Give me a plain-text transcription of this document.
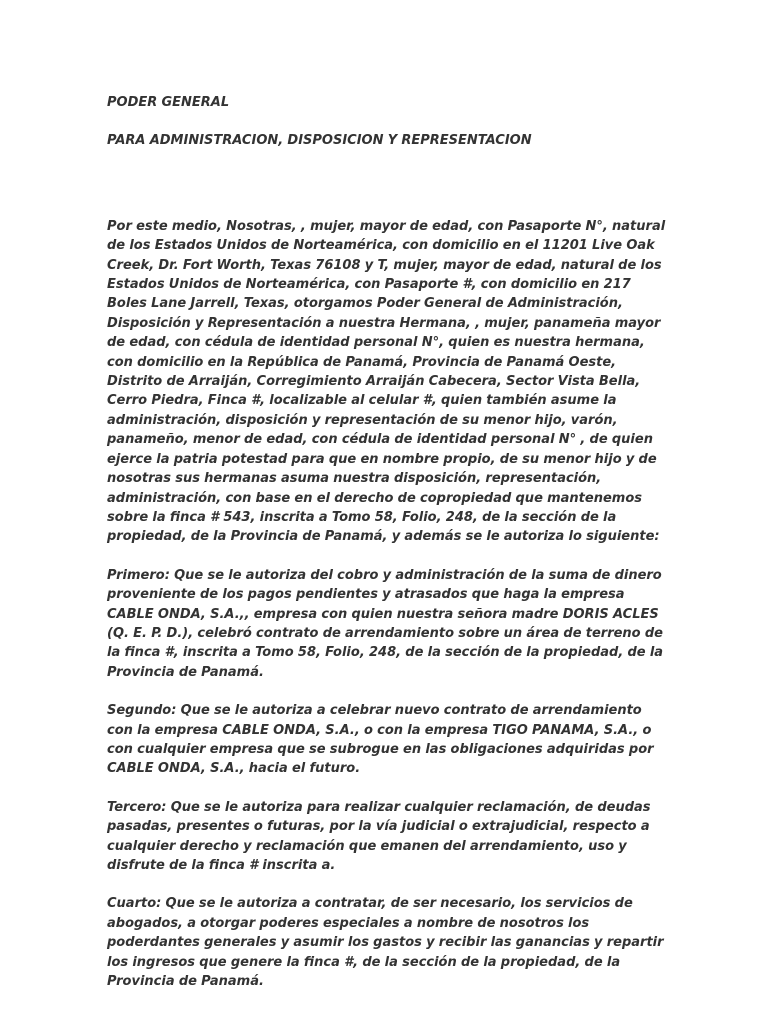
PODER GENERAL

PARA ADMINISTRACION, DISPOSICION Y REPRESENTACION

Por este medio, Nosotras, , mujer, mayor de edad, con Pasaporte N°, natural de los Estados Unidos de Norteamérica, con domicilio en el 11201 Live Oak Creek, Dr. Fort Worth, Texas 76108 y T, mujer, mayor de edad, natural de los Estados Unidos de Norteamérica, con Pasaporte #, con domicilio en 217 Boles Lane Jarrell, Texas, otorgamos Poder General de Administración, Disposición y Representación a nuestra Hermana, , mujer, panameña mayor de edad, con cédula de identidad personal N°, quien es nuestra hermana, con domicilio en la República de Panamá, Provincia de Panamá Oeste, Distrito de Arraiján, Corregimiento Arraiján Cabecera, Sector Vista Bella, Cerro Piedra, Finca #, localizable al celular #, quien también asume la administración, disposición y representación de su menor hijo, varón, panameño, menor de edad, con cédula de identidad personal N° , de quien ejerce la patria potestad para que en nombre propio, de su menor hijo y de nosotras sus hermanas asuma nuestra disposición, representación, administración, con base en el derecho de copropiedad que mantenemos sobre la finca # 543, inscrita a Tomo 58, Folio, 248, de la sección de la propiedad, de la Provincia de Panamá, y además se le autoriza lo siguiente:

Primero: Que se le autoriza del cobro y administración de la suma de dinero proveniente de los pagos pendientes y atrasados que haga la empresa CABLE ONDA, S.A.,, empresa con quien nuestra señora madre DORIS ACLES (Q. E. P. D.), celebró contrato de arrendamiento sobre un área de terreno de la finca #, inscrita a Tomo 58, Folio, 248, de la sección de la propiedad, de la Provincia de Panamá.

Segundo: Que se le autoriza a celebrar nuevo contrato de arrendamiento con la empresa CABLE ONDA, S.A., o con la empresa TIGO PANAMA, S.A., o con cualquier empresa que se subrogue en las obligaciones adquiridas por CABLE ONDA, S.A., hacia el futuro.

Tercero: Que se le autoriza para realizar cualquier reclamación, de deudas pasadas, presentes o futuras, por la vía judicial o extrajudicial, respecto a cualquier derecho y reclamación que emanen del arrendamiento, uso y disfrute de la finca # inscrita a.

Cuarto: Que se le autoriza a contratar, de ser necesario, los servicios de abogados, a otorgar poderes especiales a nombre de nosotros los poderdantes generales y asumir los gastos y recibir las ganancias y repartir los ingresos que genere la finca #, de la sección de la propiedad, de la Provincia de Panamá.
